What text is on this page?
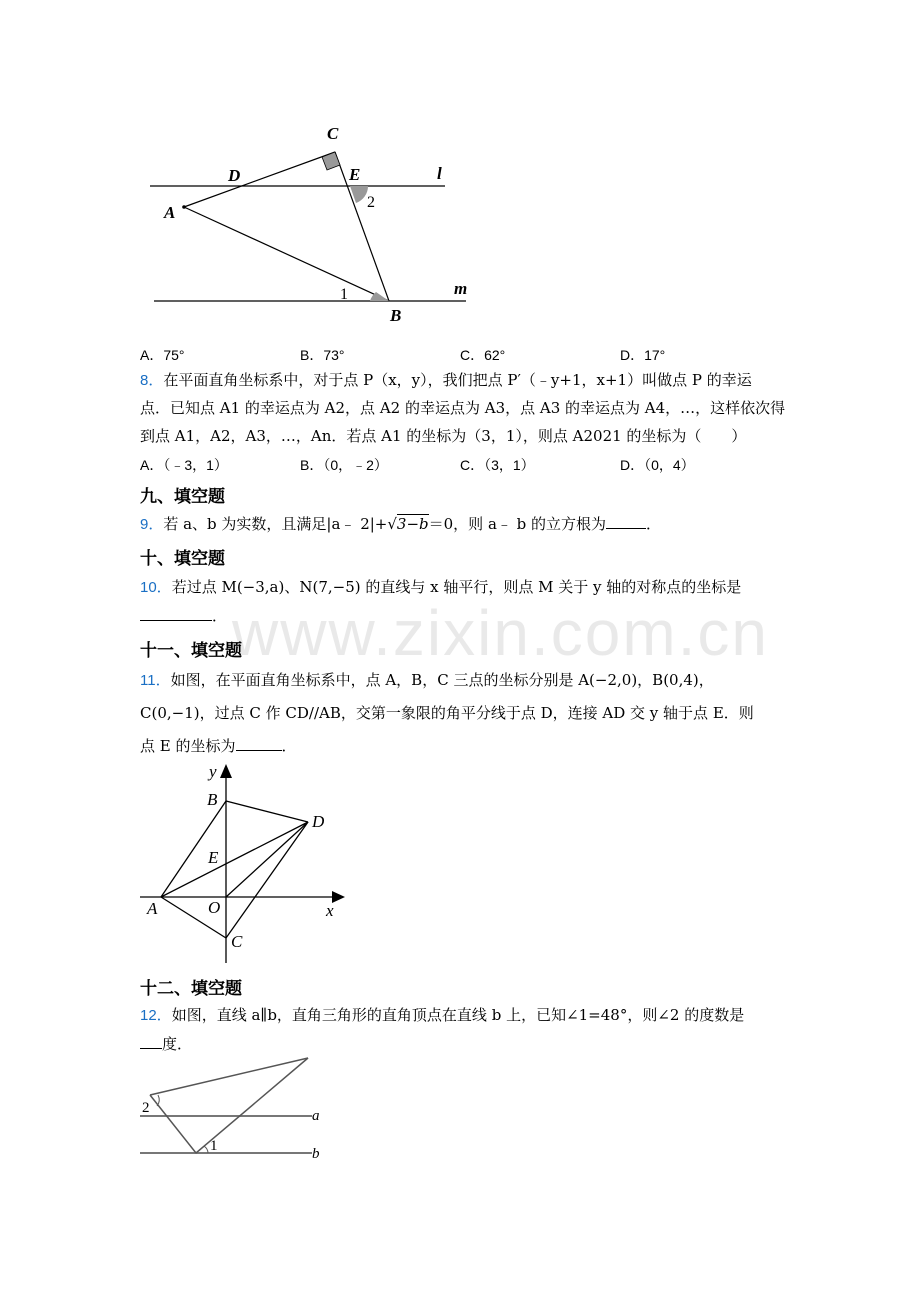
C
D	E	l
A
2
1	m
B
A．75°	B．73°	C．62°	D．17°
8．在平面直角坐标系中，对于点 P（x，y），我们把点 P′（﹣y+1，x+1）叫做点 P 的幸运
点．已知点 A1 的幸运点为 A2，点 A2 的幸运点为 A3，点 A3 的幸运点为 A4，…，这样依次得
到点 A1，A2，A3，…，An．若点 A1 的坐标为（3，1），则点 A2021 的坐标为（　　）
A．（﹣3，1）	B．（0，﹣2）	C．（3，1）	D．（0，4）
九、填空题
9．若 a、b 为实数，且满足|a﹣ 2|+√3−b＝0，则 a﹣ b 的立方根为	．
十、填空题
10．若过点 M(−3,a)、N(7,−5) 的直线与 x 轴平行，则点 M 关于 y 轴的对称点的坐标是
． www.zixin.com.cn
十一、填空题
11．如图，在平面直角坐标系中，点 A，B，C 三点的坐标分别是 A(−2,0)，B(0,4)，
C(0,−1)，过点 C 作 CD//AB，交第一象限的角平分线于点 D，连接 AD 交 y 轴于点 E．则
点 E 的坐标为	．
y
B
D
E
A	O	x
C
十二、填空题
12．如图，直线 a∥b，直角三角形的直角顶点在直线 b 上，已知∠1=48°，则∠2 的度数是
度．
2	a
1	b
